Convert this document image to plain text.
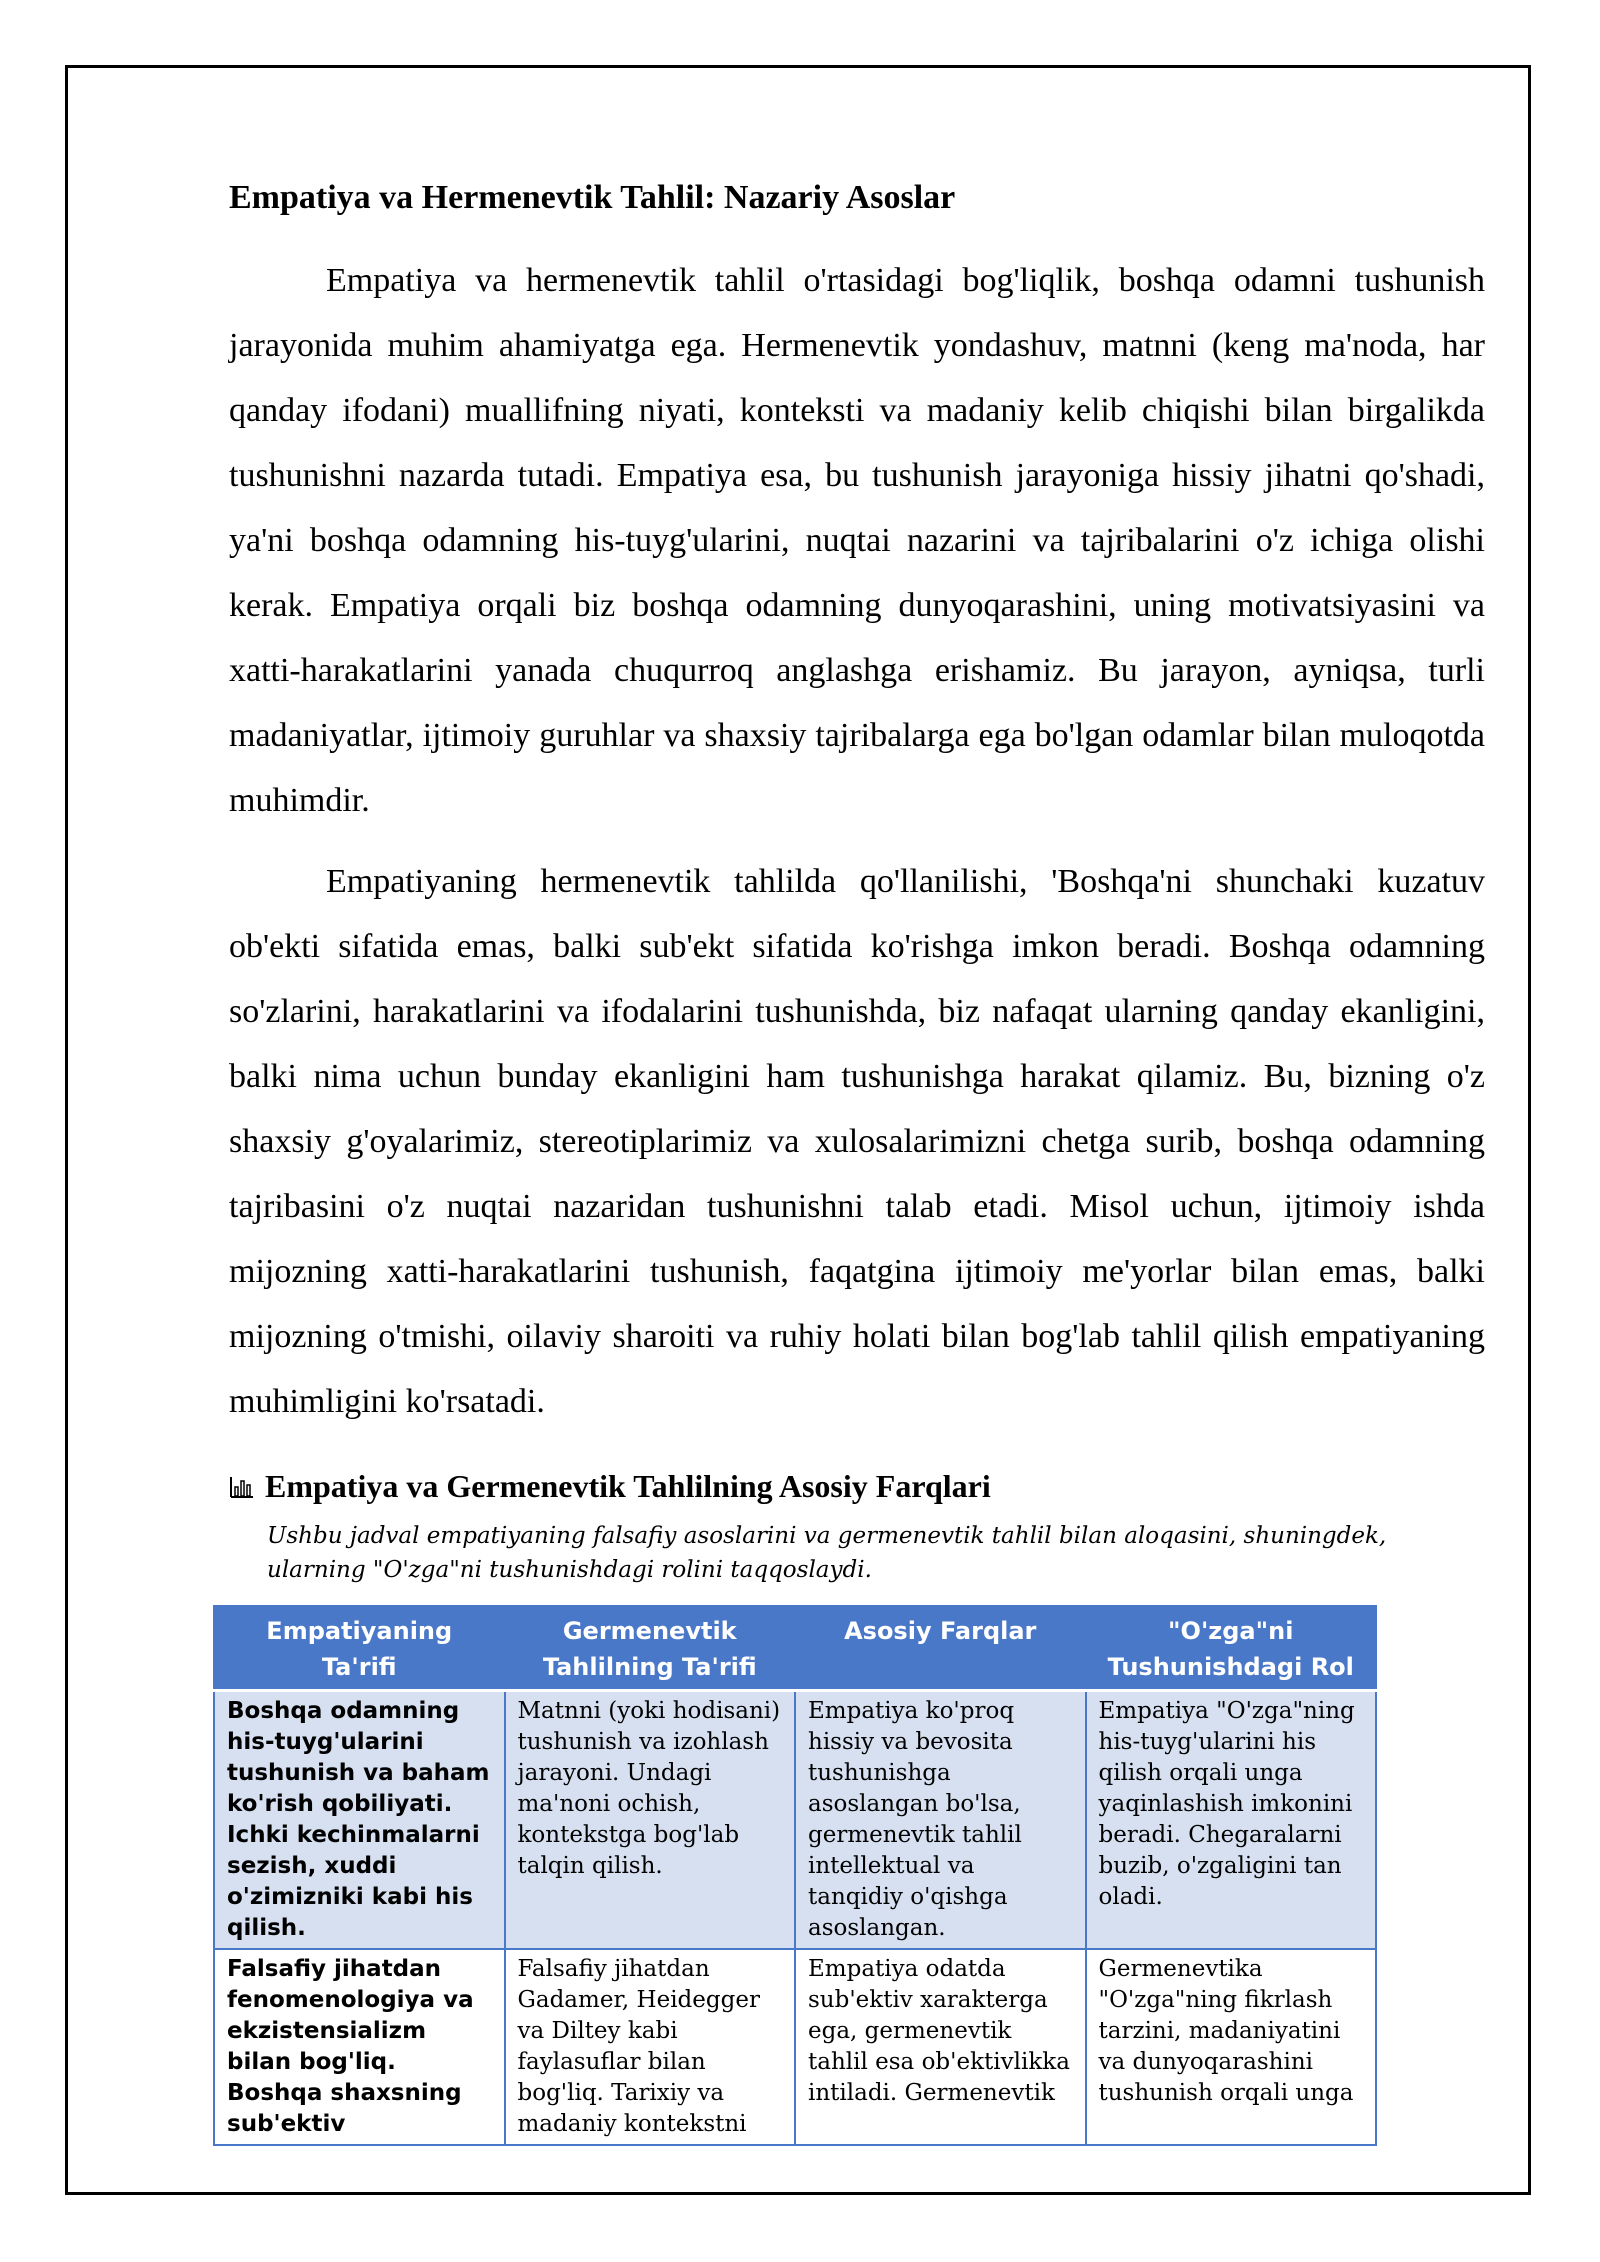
Empatiya va Hermenevtik Tahlil: Nazariy Asoslar

Empatiya va hermenevtik tahlil o'rtasidagi bog'liqlik, boshqa odamni tushunish jarayonida muhim ahamiyatga ega. Hermenevtik yondashuv, matnni (keng ma'noda, har qanday ifodani) muallifning niyati, konteksti va madaniy kelib chiqishi bilan birgalikda tushunishni nazarda tutadi. Empatiya esa, bu tushunish jarayoniga hissiy jihatni qo'shadi, ya'ni boshqa odamning his-tuyg'ularini, nuqtai nazarini va tajribalarini o'z ichiga olishi kerak. Empatiya orqali biz boshqa odamning dunyoqarashini, uning motivatsiyasini va xatti-harakatlarini yanada chuqurroq anglashga erishamiz. Bu jarayon, ayniqsa, turli madaniyatlar, ijtimoiy guruhlar va shaxsiy tajribalarga ega bo'lgan odamlar bilan muloqotda muhimdir.

Empatiyaning hermenevtik tahlilda qo'llanilishi, 'Boshqa'ni shunchaki kuzatuv ob'ekti sifatida emas, balki sub'ekt sifatida ko'rishga imkon beradi. Boshqa odamning so'zlarini, harakatlarini va ifodalarini tushunishda, biz nafaqat ularning qanday ekanligini, balki nima uchun bunday ekanligini ham tushunishga harakat qilamiz. Bu, bizning o'z shaxsiy g'oyalarimiz, stereotiplarimiz va xulosalarimizni chetga surib, boshqa odamning tajribasini o'z nuqtai nazaridan tushunishni talab etadi. Misol uchun, ijtimoiy ishda mijozning xatti-harakatlarini tushunish, faqatgina ijtimoiy me'yorlar bilan emas, balki mijozning o'tmishi, oilaviy sharoiti va ruhiy holati bilan bog'lab tahlil qilish empatiyaning muhimligini ko'rsatadi.

Empatiya va Germenevtik Tahlilning Asosiy Farqlari
Ushbu jadval empatiyaning falsafiy asoslarini va germenevtik tahlil bilan aloqasini, shuningdek, ularning "O'zga"ni tushunishdagi rolini taqqoslaydi.
Empatiyaning Ta'rifi	Germenevtik Tahlilning Ta'rifi	Asosiy Farqlar	"O'zga"ni Tushunishdagi Rol
Boshqa odamning his-tuyg'ularini tushunish va baham ko'rish qobiliyati. Ichki kechinmalarni sezish, xuddi o'zimizniki kabi his qilish.	Matnni (yoki hodisani) tushunish va izohlash jarayoni. Undagi ma'noni ochish, kontekstga bog'lab talqin qilish.	Empatiya ko'proq hissiy va bevosita tushunishga asoslangan bo'lsa, germenevtik tahlil intellektual va tanqidiy o'qishga asoslangan.	Empatiya "O'zga"ning his-tuyg'ularini his qilish orqali unga yaqinlashish imkonini beradi. Chegaralarni buzib, o'zgaligini tan oladi.
Falsafiy jihatdan fenomenologiya va ekzistensializm bilan bog'liq. Boshqa shaxsning sub'ektiv	Falsafiy jihatdan Gadamer, Heidegger va Diltey kabi faylasuflar bilan bog'liq. Tarixiy va madaniy kontekstni	Empatiya odatda sub'ektiv xarakterga ega, germenevtik tahlil esa ob'ektivlikka intiladi. Germenevtik	Germenevtika "O'zga"ning fikrlash tarzini, madaniyatini va dunyoqarashini tushunish orqali unga
